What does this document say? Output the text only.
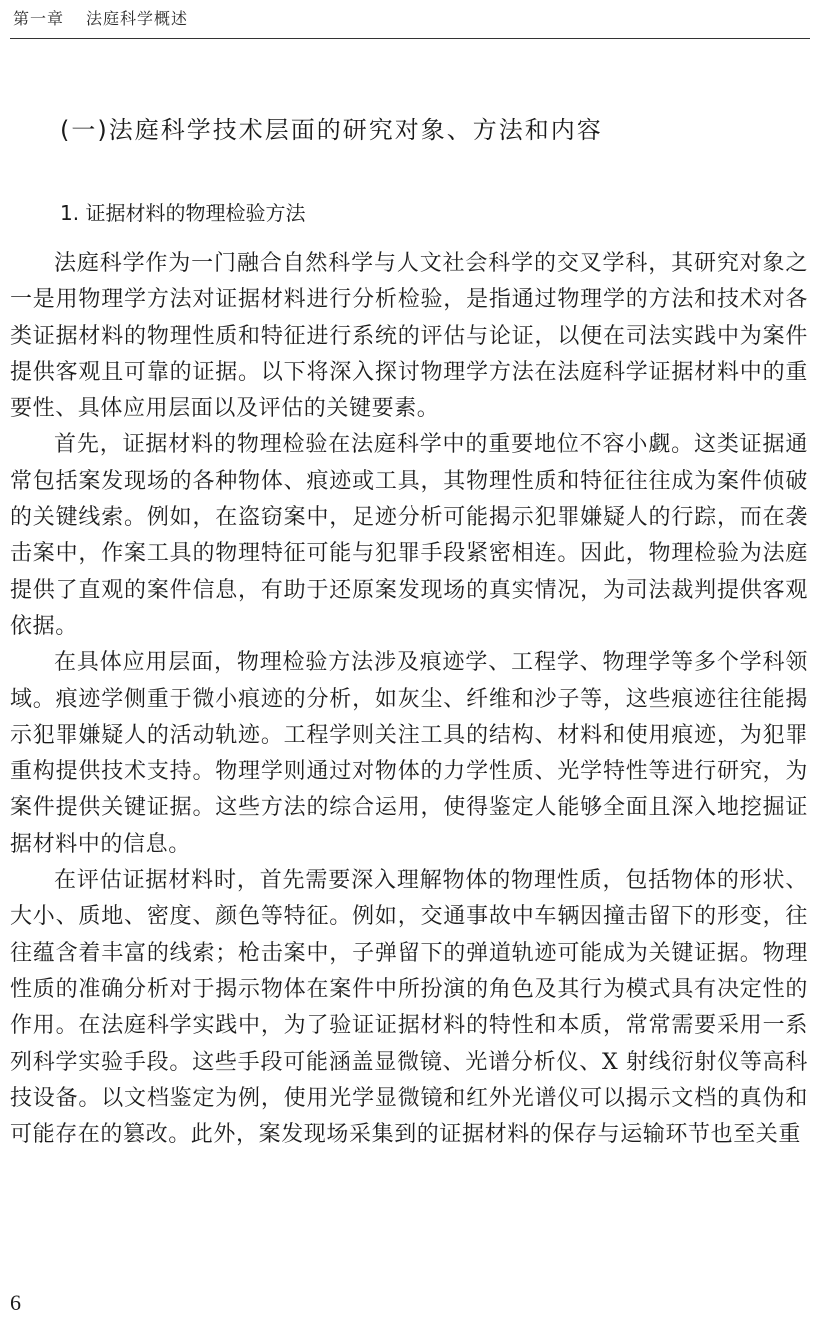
第一章 法庭科学概述
(一)法庭科学技术层面的研究对象、方法和内容
1. 证据材料的物理检验方法

法庭科学作为一门融合自然科学与人文社会科学的交叉学科，其研究对象之一是用物理学方法对证据材料进行分析检验，是指通过物理学的方法和技术对各类证据材料的物理性质和特征进行系统的评估与论证，以便在司法实践中为案件提供客观且可靠的证据。以下将深入探讨物理学方法在法庭科学证据材料中的重要性、具体应用层面以及评估的关键要素。

首先，证据材料的物理检验在法庭科学中的重要地位不容小觑。这类证据通常包括案发现场的各种物体、痕迹或工具，其物理性质和特征往往成为案件侦破的关键线索。例如，在盗窃案中，足迹分析可能揭示犯罪嫌疑人的行踪，而在袭击案中，作案工具的物理特征可能与犯罪手段紧密相连。因此，物理检验为法庭提供了直观的案件信息，有助于还原案发现场的真实情况，为司法裁判提供客观依据。

在具体应用层面，物理检验方法涉及痕迹学、工程学、物理学等多个学科领域。痕迹学侧重于微小痕迹的分析，如灰尘、纤维和沙子等，这些痕迹往往能揭示犯罪嫌疑人的活动轨迹。工程学则关注工具的结构、材料和使用痕迹，为犯罪重构提供技术支持。物理学则通过对物体的力学性质、光学特性等进行研究，为案件提供关键证据。这些方法的综合运用，使得鉴定人能够全面且深入地挖掘证据材料中的信息。

在评估证据材料时，首先需要深入理解物体的物理性质，包括物体的形状、大小、质地、密度、颜色等特征。例如，交通事故中车辆因撞击留下的形变，往往蕴含着丰富的线索；枪击案中，子弹留下的弹道轨迹可能成为关键证据。物理性质的准确分析对于揭示物体在案件中所扮演的角色及其行为模式具有决定性的作用。在法庭科学实践中，为了验证证据材料的特性和本质，常常需要采用一系列科学实验手段。这些手段可能涵盖显微镜、光谱分析仪、X 射线衍射仪等高科技设备。以文档鉴定为例，使用光学显微镜和红外光谱仪可以揭示文档的真伪和可能存在的篡改。此外，案发现场采集到的证据材料的保存与运输环节也至关重

6
